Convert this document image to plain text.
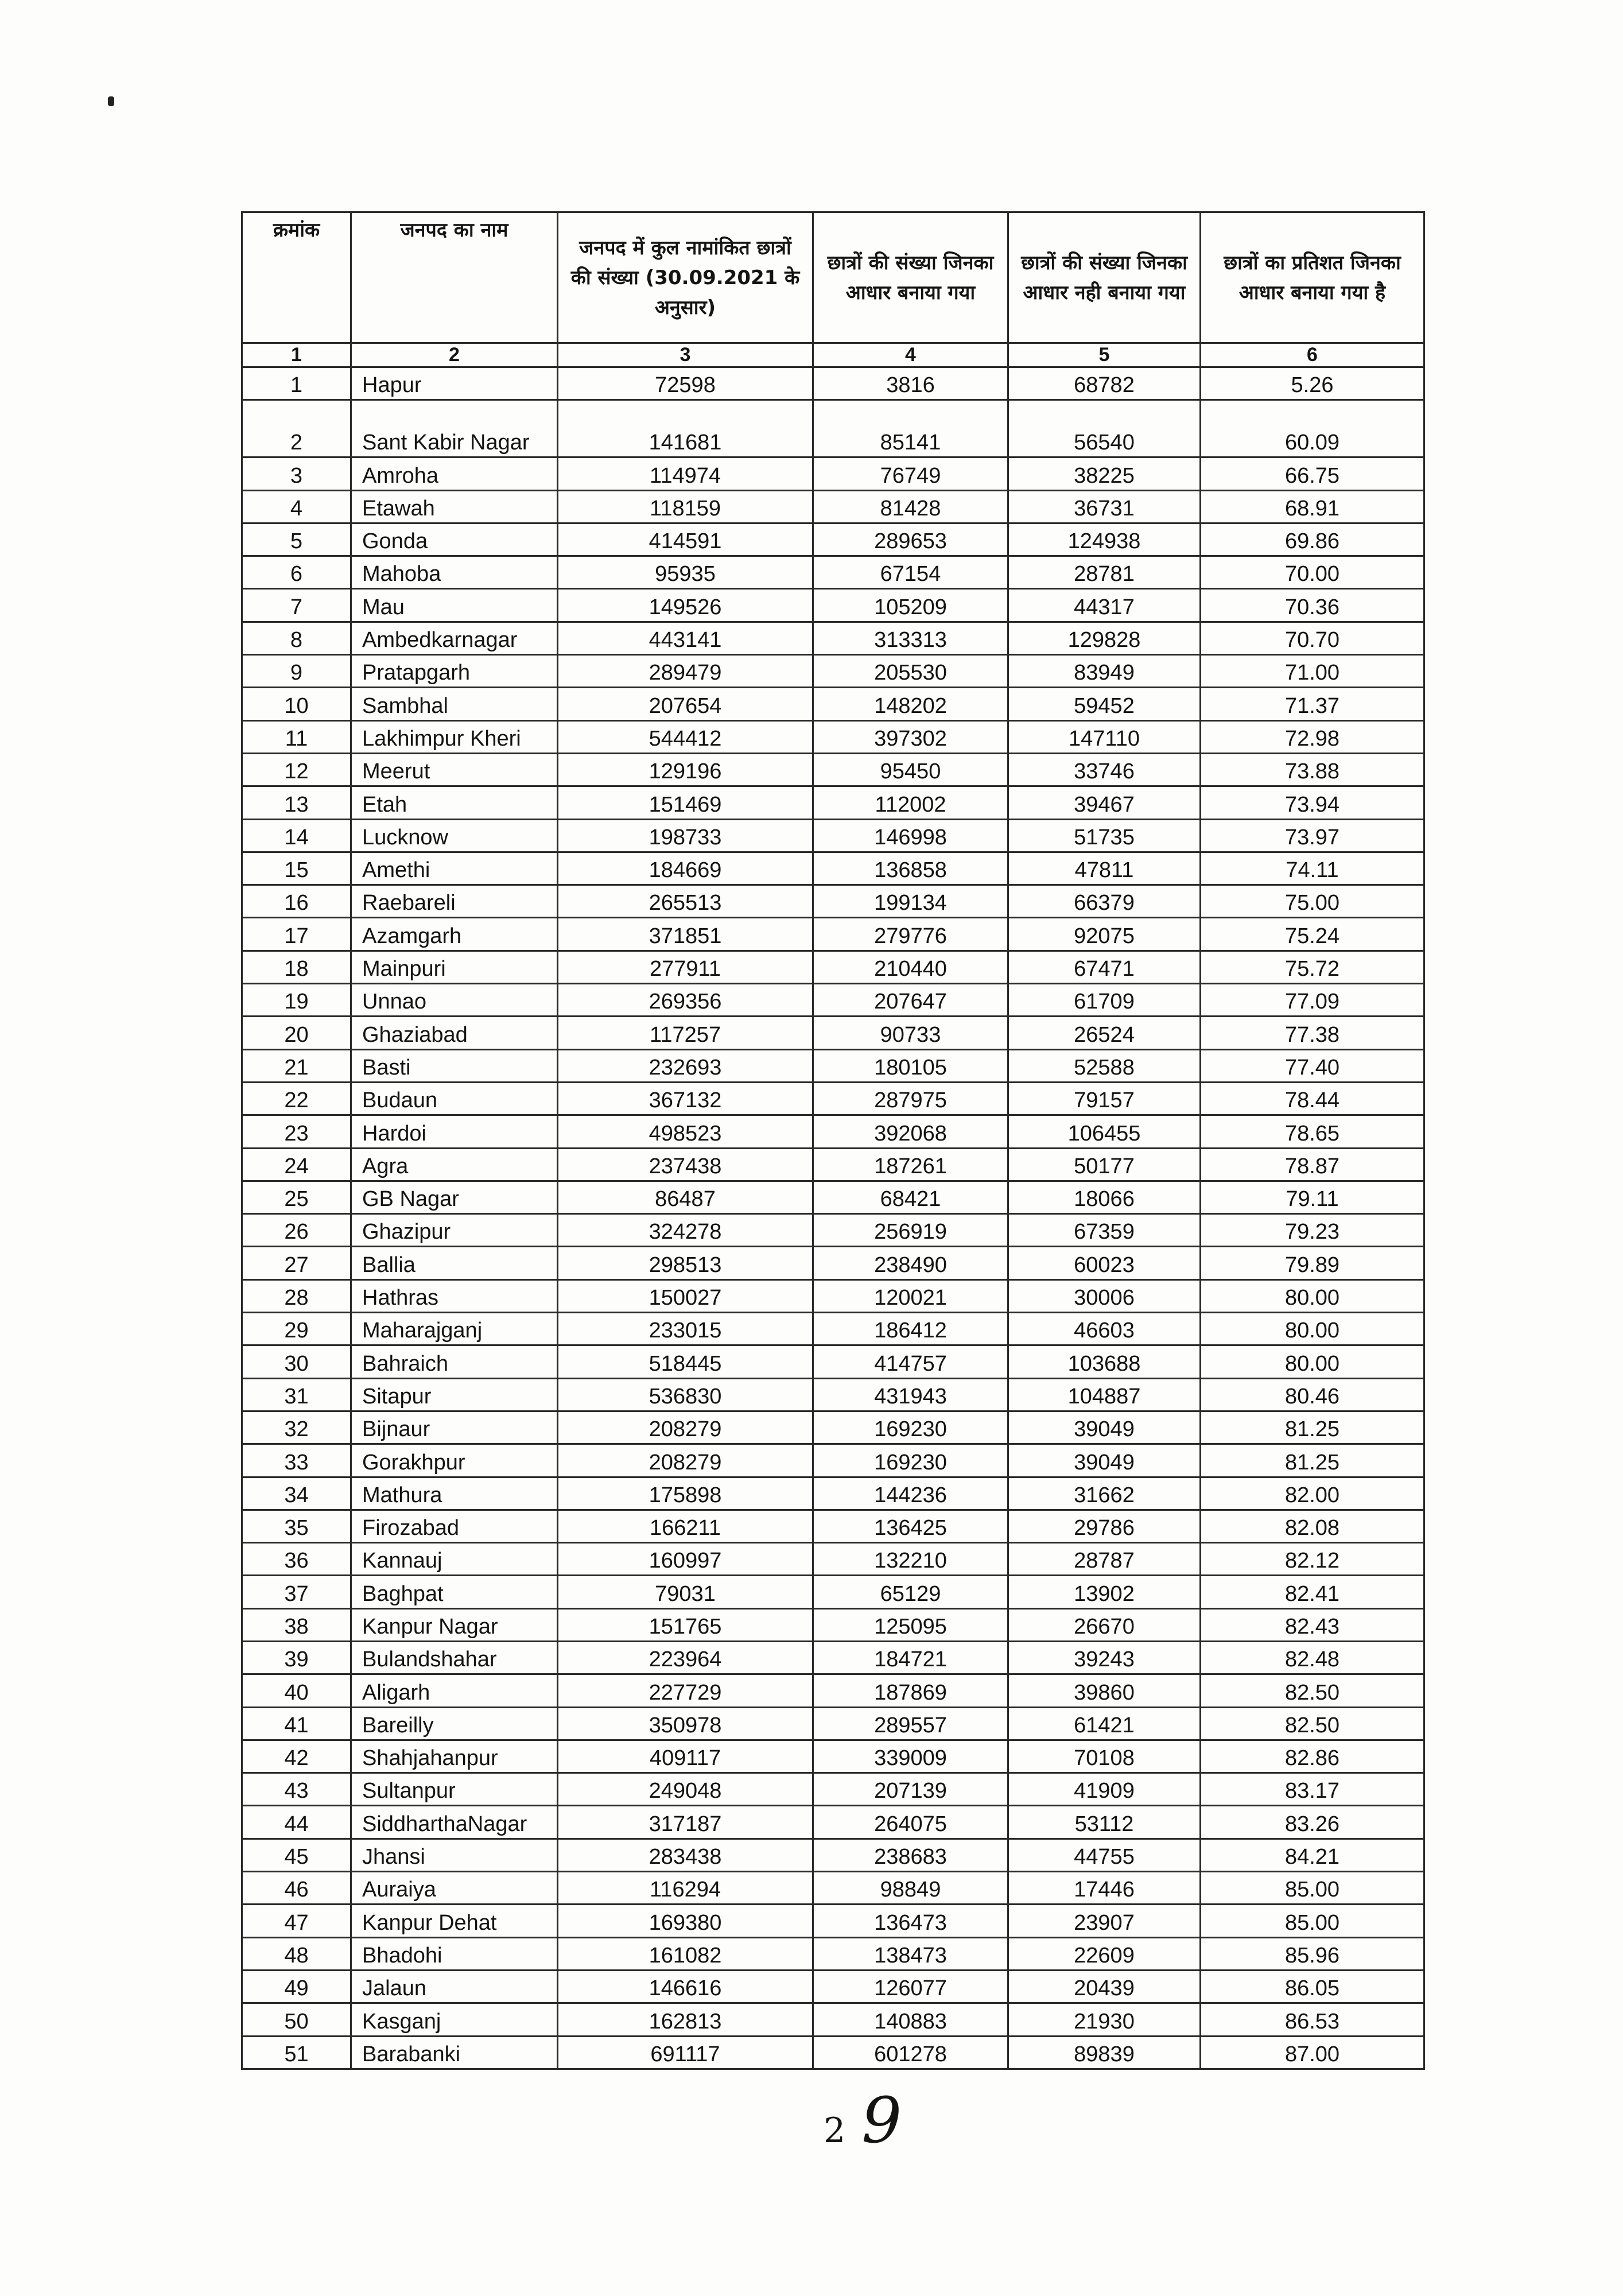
क्रमांक	जनपद का नाम	जनपद में कुल नामांकित छात्रों की संख्या (30.09.2021 के अनुसार)	छात्रों की संख्या जिनका आधार बनाया गया	छात्रों की संख्या जिनका आधार नही बनाया गया	छात्रों का प्रतिशत जिनका आधार बनाया गया है
1	2	3	4	5	6
1	Hapur	72598	3816	68782	5.26
2	Sant Kabir Nagar	141681	85141	56540	60.09
3	Amroha	114974	76749	38225	66.75
4	Etawah	118159	81428	36731	68.91
5	Gonda	414591	289653	124938	69.86
6	Mahoba	95935	67154	28781	70.00
7	Mau	149526	105209	44317	70.36
8	Ambedkarnagar	443141	313313	129828	70.70
9	Pratapgarh	289479	205530	83949	71.00
10	Sambhal	207654	148202	59452	71.37
11	Lakhimpur Kheri	544412	397302	147110	72.98
12	Meerut	129196	95450	33746	73.88
13	Etah	151469	112002	39467	73.94
14	Lucknow	198733	146998	51735	73.97
15	Amethi	184669	136858	47811	74.11
16	Raebareli	265513	199134	66379	75.00
17	Azamgarh	371851	279776	92075	75.24
18	Mainpuri	277911	210440	67471	75.72
19	Unnao	269356	207647	61709	77.09
20	Ghaziabad	117257	90733	26524	77.38
21	Basti	232693	180105	52588	77.40
22	Budaun	367132	287975	79157	78.44
23	Hardoi	498523	392068	106455	78.65
24	Agra	237438	187261	50177	78.87
25	GB Nagar	86487	68421	18066	79.11
26	Ghazipur	324278	256919	67359	79.23
27	Ballia	298513	238490	60023	79.89
28	Hathras	150027	120021	30006	80.00
29	Maharajganj	233015	186412	46603	80.00
30	Bahraich	518445	414757	103688	80.00
31	Sitapur	536830	431943	104887	80.46
32	Bijnaur	208279	169230	39049	81.25
33	Gorakhpur	208279	169230	39049	81.25
34	Mathura	175898	144236	31662	82.00
35	Firozabad	166211	136425	29786	82.08
36	Kannauj	160997	132210	28787	82.12
37	Baghpat	79031	65129	13902	82.41
38	Kanpur Nagar	151765	125095	26670	82.43
39	Bulandshahar	223964	184721	39243	82.48
40	Aligarh	227729	187869	39860	82.50
41	Bareilly	350978	289557	61421	82.50
42	Shahjahanpur	409117	339009	70108	82.86
43	Sultanpur	249048	207139	41909	83.17
44	SiddharthaNagar	317187	264075	53112	83.26
45	Jhansi	283438	238683	44755	84.21
46	Auraiya	116294	98849	17446	85.00
47	Kanpur Dehat	169380	136473	23907	85.00
48	Bhadohi	161082	138473	22609	85.96
49	Jalaun	146616	126077	20439	86.05
50	Kasganj	162813	140883	21930	86.53
51	Barabanki	691117	601278	89839	87.00
2 9
